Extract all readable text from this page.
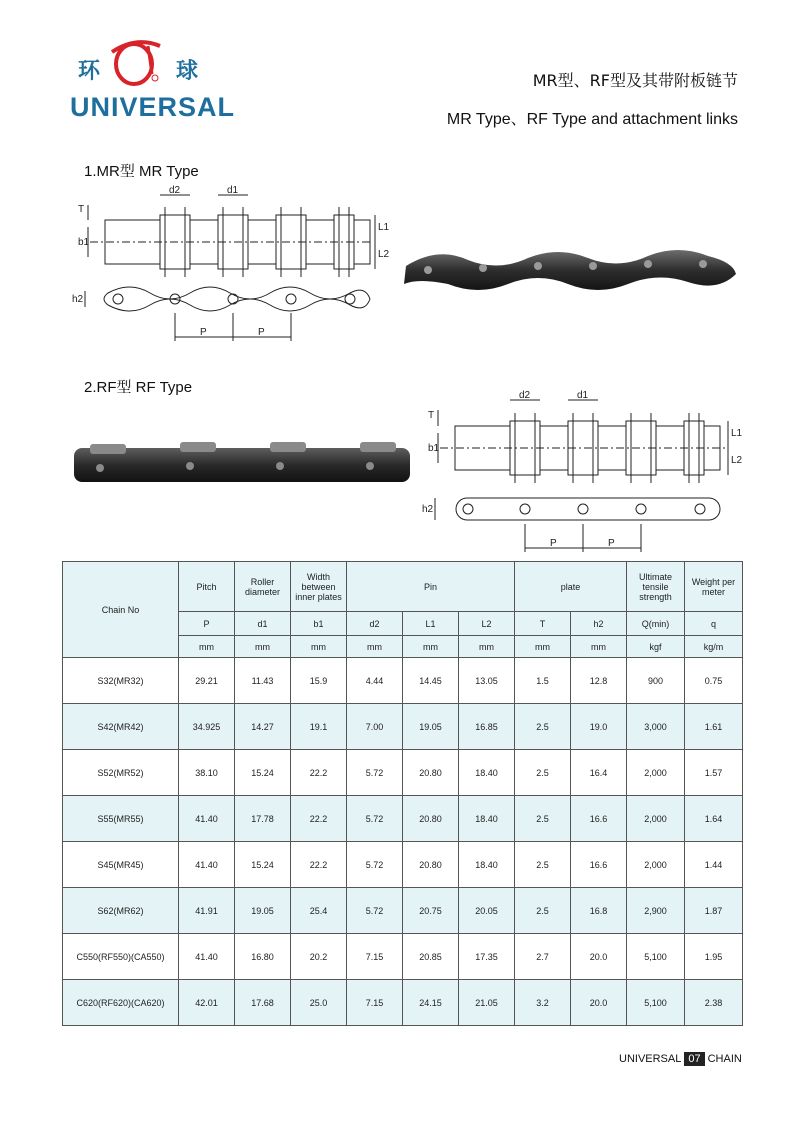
环	球
UNIVERSAL
MR型、RF型及其带附板链节
MR Type、RF Type and attachment links
1.MR型 MR Type
d2	d1
T
b1
L1
L2
h2
P	P
2.RF型 RF Type	d2	d1
T
b1
L1
L2
h2
P	P
Chain No	Pitch	Roller diameter	Width between inner plates	Pin			plate		Ultimate tensile strength	Weight per meter
	P	d1	b1	d2	L1	L2	T	h2	Q(min)	q
	mm	mm	mm	mm	mm	mm	mm	mm	kgf	kg/m
S32(MR32)	29.21	11.43	15.9	4.44	14.45	13.05	1.5	12.8	900	0.75
S42(MR42)	34.925	14.27	19.1	7.00	19.05	16.85	2.5	19.0	3,000	1.61
S52(MR52)	38.10	15.24	22.2	5.72	20.80	18.40	2.5	16.4	2,000	1.57
S55(MR55)	41.40	17.78	22.2	5.72	20.80	18.40	2.5	16.6	2,000	1.64
S45(MR45)	41.40	15.24	22.2	5.72	20.80	18.40	2.5	16.6	2,000	1.44
S62(MR62)	41.91	19.05	25.4	5.72	20.75	20.05	2.5	16.8	2,900	1.87
C550(RF550)(CA550)	41.40	16.80	20.2	7.15	20.85	17.35	2.7	20.0	5,100	1.95
C620(RF620)(CA620)	42.01	17.68	25.0	7.15	24.15	21.05	3.2	20.0	5,100	2.38
UNIVERSAL 07 CHAIN
